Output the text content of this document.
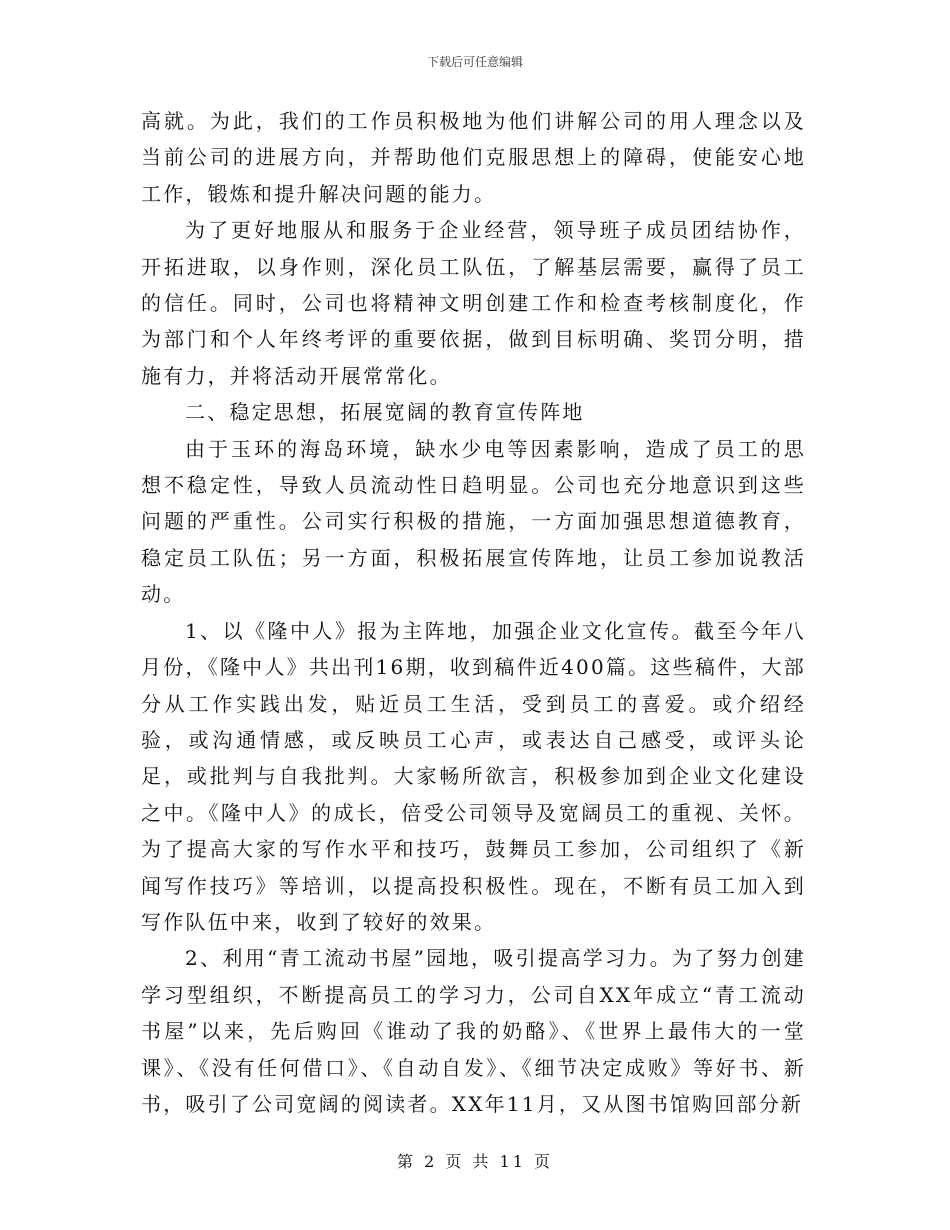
下载后可任意编辑

高就。为此，我们的工作员积极地为他们讲解公司的用人理念以及当前公司的进展方向，并帮助他们克服思想上的障碍，使能安心地工作，锻炼和提升解决问题的能力。

为了更好地服从和服务于企业经营，领导班子成员团结协作，开拓进取，以身作则，深化员工队伍，了解基层需要，赢得了员工的信任。同时，公司也将精神文明创建工作和检查考核制度化，作为部门和个人年终考评的重要依据，做到目标明确、奖罚分明，措施有力，并将活动开展常常化。

二、稳定思想，拓展宽阔的教育宣传阵地

由于玉环的海岛环境，缺水少电等因素影响，造成了员工的思想不稳定性，导致人员流动性日趋明显。公司也充分地意识到这些问题的严重性。公司实行积极的措施，一方面加强思想道德教育，稳定员工队伍；另一方面，积极拓展宣传阵地，让员工参加说教活动。

1、以《隆中人》报为主阵地，加强企业文化宣传。截至今年八月份，《隆中人》共出刊16期，收到稿件近400篇。这些稿件，大部分从工作实践出发，贴近员工生活，受到员工的喜爱。或介绍经验，或沟通情感，或反映员工心声，或表达自己感受，或评头论足，或批判与自我批判。大家畅所欲言，积极参加到企业文化建设之中。《隆中人》的成长，倍受公司领导及宽阔员工的重视、关怀。为了提高大家的写作水平和技巧，鼓舞员工参加，公司组织了《新闻写作技巧》等培训，以提高投积极性。现在，不断有员工加入到写作队伍中来，收到了较好的效果。

2、利用“青工流动书屋”园地，吸引提高学习力。为了努力创建学习型组织，不断提高员工的学习力，公司自XX年成立“青工流动书屋”以来，先后购回《谁动了我的奶酪》、《世界上最伟大的一堂课》、《没有任何借口》、《自动自发》、《细节决定成败》等好书、新书，吸引了公司宽阔的阅读者。XX年11月，又从图书馆购回部分新

第 2 页 共 11 页
